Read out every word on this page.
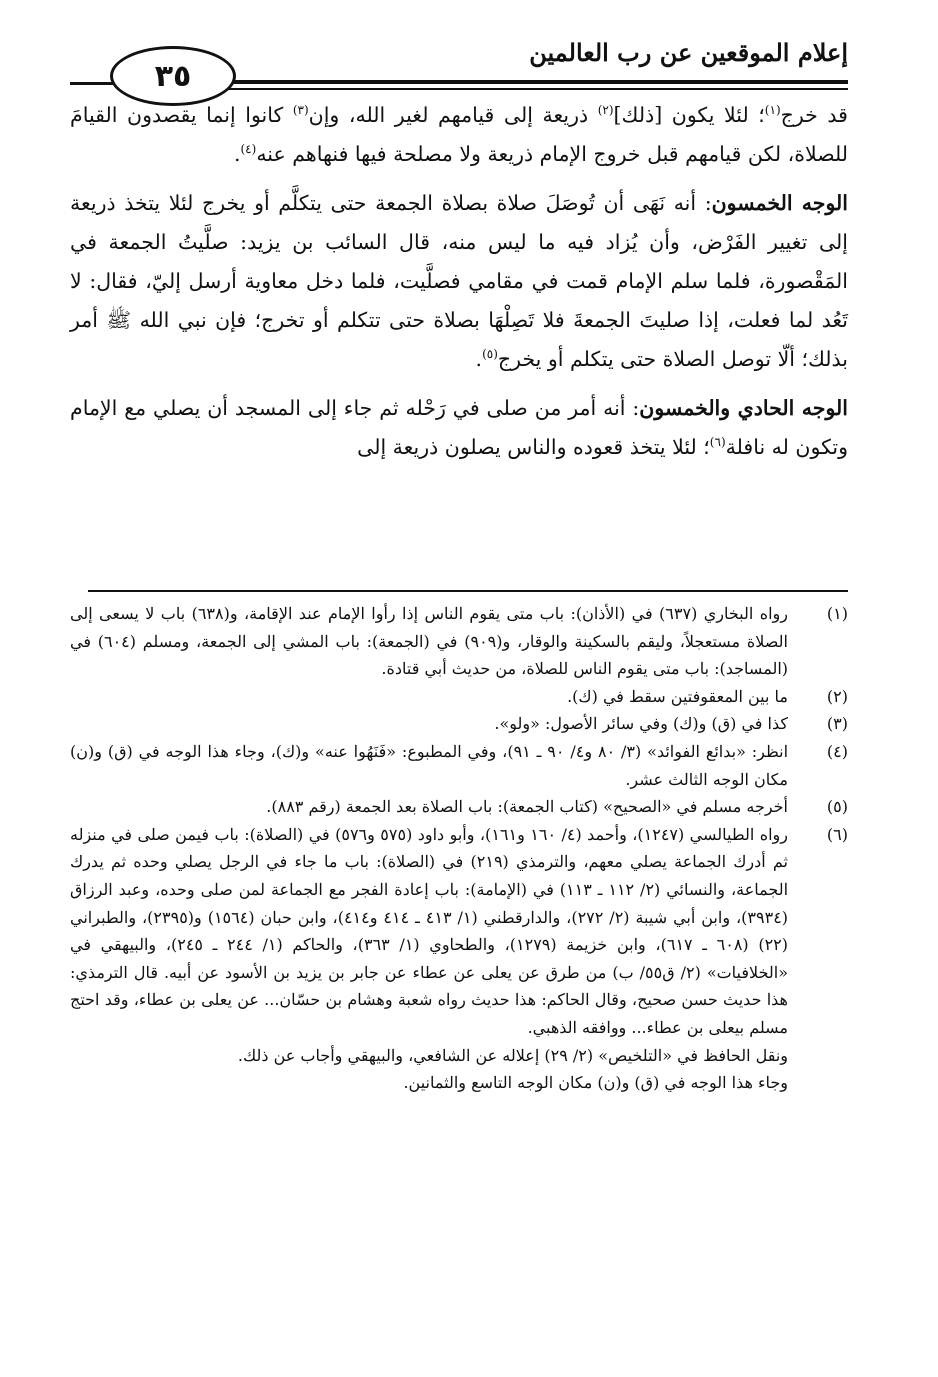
إعلام الموقعين عن رب العالمين
٣٥

قد خرج$^{(١)}$؛ لئلا يكون [ذلك]$^{(٢)}$ ذريعة إلى قيامهم لغير الله، وإن$^{(٣)}$ كانوا إنما يقصدون القيامَ للصلاة، لكن قيامهم قبل خروج الإمام ذريعة ولا مصلحة فيها فنهاهم عنه$^{(٤)}$.

الوجه الخمسون: أنه نَهَى أن تُوصَلَ صلاة بصلاة الجمعة حتى يتكلَّم أو يخرج لئلا يتخذ ذريعة إلى تغيير الفَرْض، وأن يُزاد فيه ما ليس منه، قال السائب بن يزيد: صلَّيتُ الجمعة في المَقْصورة، فلما سلم الإمام قمت في مقامي فصلَّيت، فلما دخل معاوية أرسل إليّ، فقال: لا تَعُد لما فعلت، إذا صليتَ الجمعةَ فلا تَصِلْهَا بصلاة حتى تتكلم أو تخرج؛ فإن نبي الله ﷺ أمر بذلك؛ ألّا توصل الصلاة حتى يتكلم أو يخرج$^{(٥)}$.

الوجه الحادي والخمسون: أنه أمر من صلى في رَحْله ثم جاء إلى المسجد أن يصلي مع الإمام وتكون له نافلة$^{(٦)}$؛ لئلا يتخذ قعوده والناس يصلون ذريعة إلى

(١)
رواه البخاري (٦٣٧) في (الأذان): باب متى يقوم الناس إذا رأوا الإمام عند الإقامة، و(٦٣٨) باب لا يسعى إلى الصلاة مستعجلاً، وليقم بالسكينة والوقار، و(٩٠٩) في (الجمعة): باب المشي إلى الجمعة، ومسلم (٦٠٤) في (المساجد): باب متى يقوم الناس للصلاة، من حديث أبي قتادة.
(٢)
ما بين المعقوفتين سقط في (ك).
(٣)
كذا في (ق) و(ك) وفي سائر الأصول: «ولو».
(٤)
انظر: «بدائع الفوائد» (٣/ ٨٠ و٤/ ٩٠ ـ ٩١)، وفي المطبوع: «فَنَهُوا عنه» و(ك)، وجاء هذا الوجه في (ق) و(ن) مكان الوجه الثالث عشر.
(٥)
أخرجه مسلم في «الصحيح» (كتاب الجمعة): باب الصلاة بعد الجمعة (رقم ٨٨٣).
(٦)
رواه الطيالسي (١٢٤٧)، وأحمد (٤/ ١٦٠ و١٦١)، وأبو داود (٥٧٥ و٥٧٦) في (الصلاة): باب فيمن صلى في منزله ثم أدرك الجماعة يصلي معهم، والترمذي (٢١٩) في (الصلاة): باب ما جاء في الرجل يصلي وحده ثم يدرك الجماعة، والنسائي (٢/ ١١٢ ـ ١١٣) في (الإمامة): باب إعادة الفجر مع الجماعة لمن صلى وحده، وعبد الرزاق (٣٩٣٤)، وابن أبي شيبة (٢/ ٢٧٢)، والدارقطني (١/ ٤١٣ ـ ٤١٤ و٤١٤)، وابن حبان (١٥٦٤) و(٢٣٩٥)، والطبراني (٢٢) (٦٠٨ ـ ٦١٧)، وابن خزيمة (١٢٧٩)، والطحاوي (١/ ٣٦٣)، والحاكم (١/ ٢٤٤ ـ ٢٤٥)، والبيهقي في «الخلافيات» (٢/ ق٥٥/ ب) من طرق عن يعلى عن عطاء عن جابر بن يزيد بن الأسود عن أبيه. قال الترمذي: هذا حديث حسن صحيح، وقال الحاكم: هذا حديث رواه شعبة وهشام بن حسّان... عن يعلى بن عطاء، وقد احتج مسلم بيعلى بن عطاء... ووافقه الذهبي.

ونقل الحافظ في «التلخيص» (٢/ ٢٩) إعلاله عن الشافعي، والبيهقي وأجاب عن ذلك.

وجاء هذا الوجه في (ق) و(ن) مكان الوجه التاسع والثمانين.
